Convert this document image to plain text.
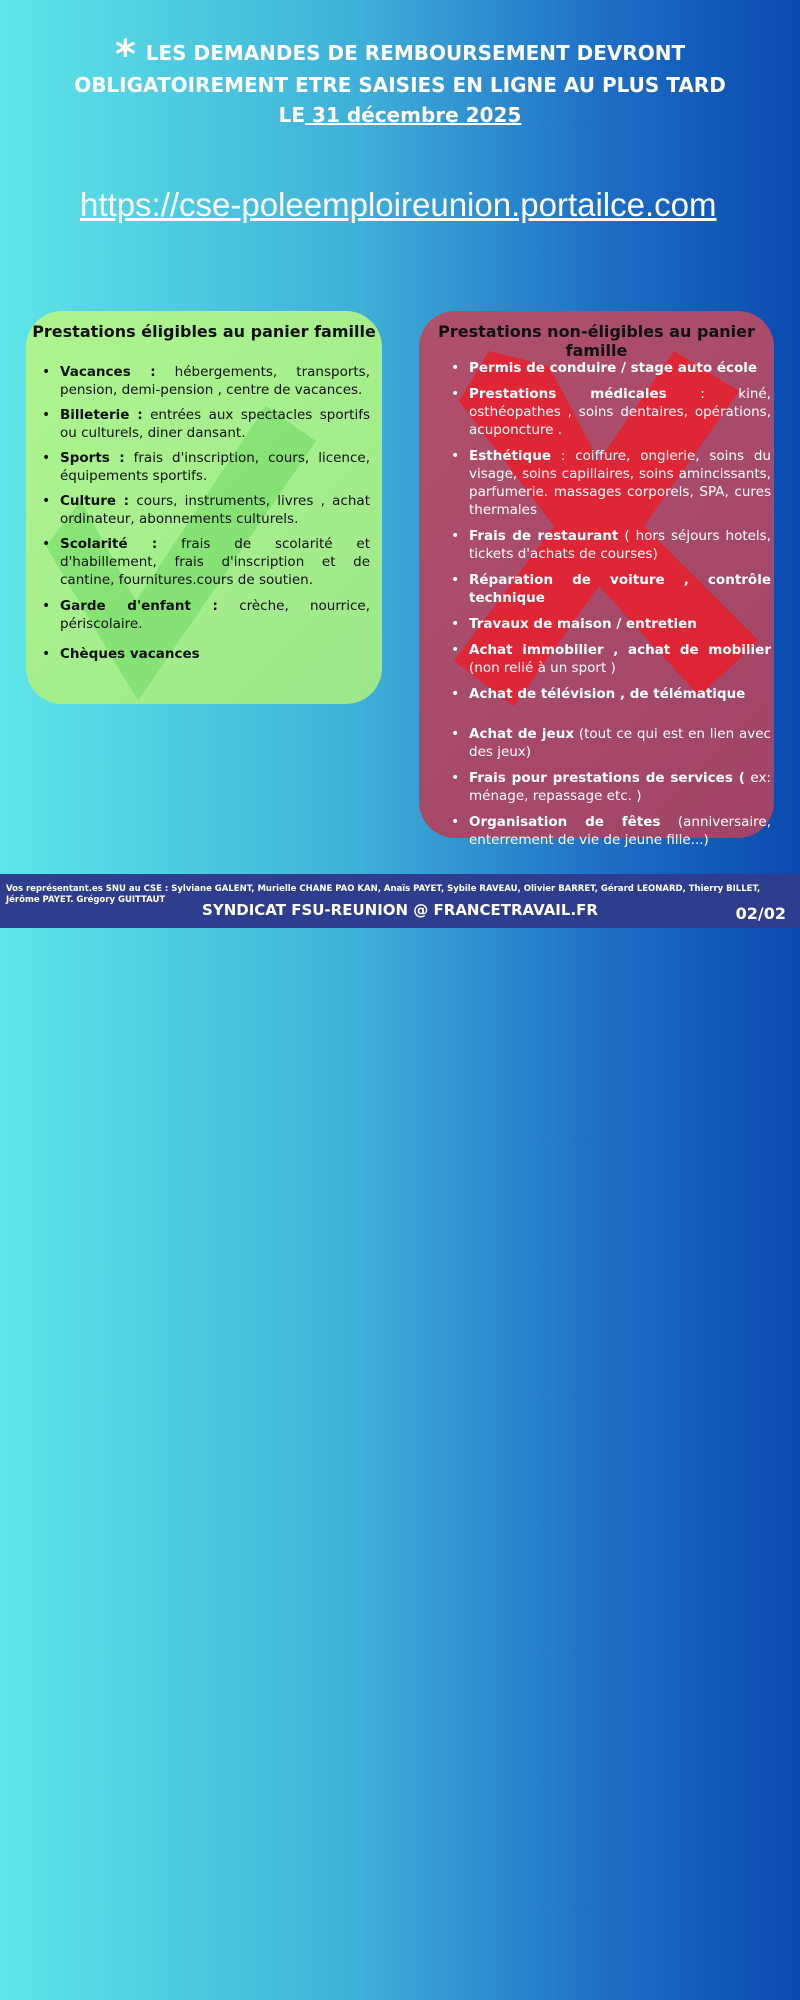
* LES DEMANDES DE REMBOURSEMENT DEVRONT
OBLIGATOIREMENT ETRE SAISIES EN LIGNE AU PLUS TARD
LE 31 décembre 2025
https://cse-poleemploireunion.portailce.com
Prestations éligibles au panier famille
• Vacances : hébergements, transports, pension, demi-pension , centre de vacances.
• Billeterie : entrées aux spectacles sportifs ou culturels, diner dansant.
• Sports : frais d'inscription, cours, licence, équipements sportifs.
• Culture : cours, instruments, livres , achat ordinateur, abonnements culturels.
• Scolarité : frais de scolarité et d'habillement, frais d'inscription et de cantine, fournitures.cours de soutien.
• Garde d'enfant : crèche, nourrice, périscolaire.
• Chèques vacances
Prestations non-éligibles au panier famille
• Permis de conduire / stage auto école
• Prestations médicales : kiné, osthéopathes , soins dentaires, opérations, acuponcture .
• Esthétique : coiffure, onglerie, soins du visage, soins capillaires, soins amincissants, parfumerie. massages corporels, SPA, cures thermales
• Frais de restaurant ( hors séjours hotels, tickets d'achats de courses)
• Réparation de voiture , contrôle technique
• Travaux de maison / entretien
• Achat immobilier , achat de mobilier (non relié à un sport )
• Achat de télévision , de télématique
• Achat de jeux (tout ce qui est en lien avec des jeux)
• Frais pour prestations de services ( ex: ménage, repassage etc. )
• Organisation de fêtes (anniversaire, enterrement de vie de jeune fille...)
Vos représentant.es SNU au CSE : Sylviane GALENT, Murielle CHANE PAO KAN, Anaïs PAYET, Sybile RAVEAU, Olivier BARRET, Gérard LEONARD, Thierry BILLET, Jérôme PAYET. Grégory GUITTAUT
SYNDICAT FSU-REUNION @ FRANCETRAVAIL.FR	02/02
